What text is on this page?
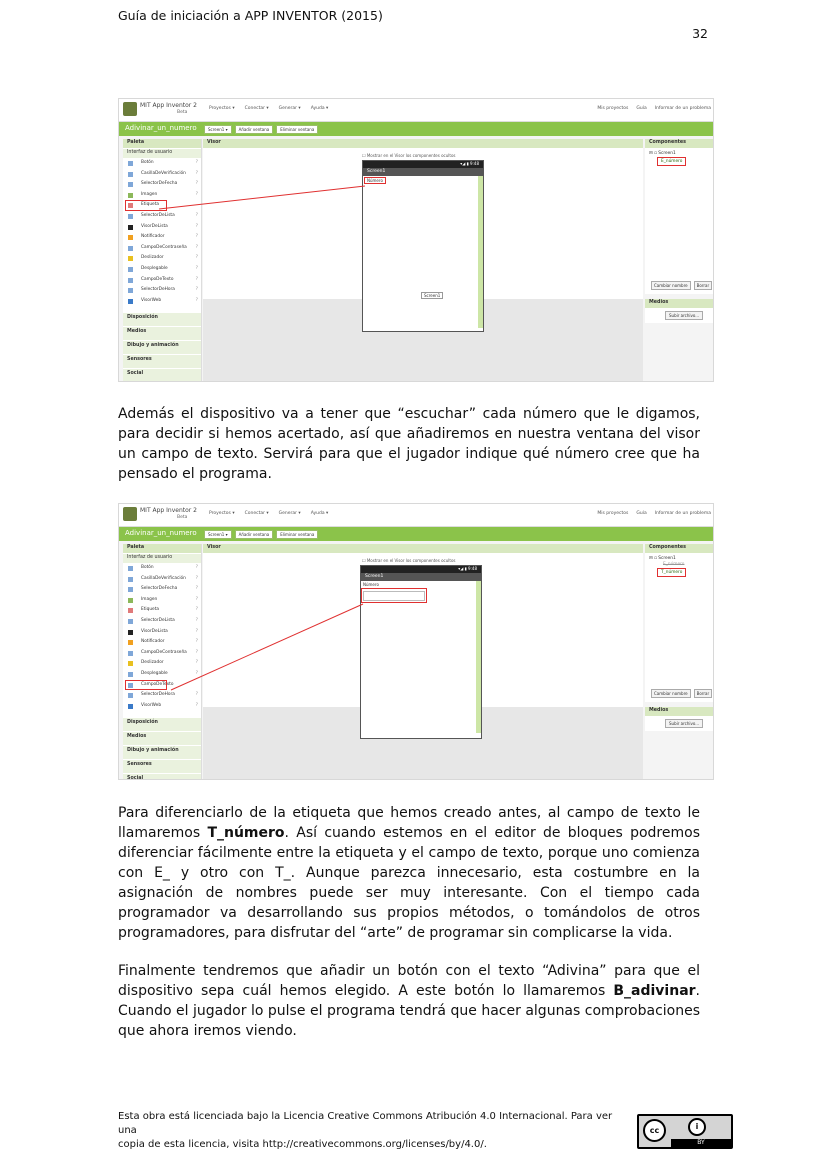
Guía de iniciación a APP INVENTOR (2015)
32
MIT App Inventor 2
Beta
Proyectos ▾ Conectar ▾ Generar ▾ Ayuda ▾	Mis proyectos Guía Informar de un problema
Adivinar_un_numero	Screen1 ▾	Añadir ventana	Eliminar ventana
Paleta
Interfaz de usuario
Botón	?
CasillaDeVerificación ?
SelectorDeFecha	?
Imagen	?
Etiqueta
SelectorDeLista	?
VisorDeLista	?
Notificador	?
CampoDeContraseña ?
Deslizador	?
Desplegable	?
CampoDeTexto	?
SelectorDeHora	?
VisorWeb	?
Disposición
Medios
Dibujo y animación
Sensores
Social
Visor
☐ Mostrar en el Visor los componentes ocultos
▾◢ ▮ 9:48
Screen1
Número
Screen1
Componentes
⊟ ▫ Screen1
E_número
Cambiar nombre	Borrar
Medios
Subir archivo...

Además el dispositivo va a tener que “escuchar” cada número que le digamos, para decidir si hemos acertado, así que añadiremos en nuestra ventana del visor un campo de texto. Servirá para que el jugador indique qué número cree que ha pensado el programa.

MIT App Inventor 2
Beta
Proyectos ▾ Conectar ▾ Generar ▾ Ayuda ▾	Mis proyectos Guía Informar de un problema
Adivinar_un_numero	Screen1 ▾	Añadir ventana	Eliminar ventana
Paleta
Interfaz de usuario
Botón	?
CasillaDeVerificación ?
SelectorDeFecha	?
Imagen	?
Etiqueta	?
SelectorDeLista	?
VisorDeLista	?
Notificador	?
CampoDeContraseña ?
Deslizador	?
Desplegable	?
CampoDeTexto
SelectorDeHora	?
VisorWeb	?
Disposición
Medios
Dibujo y animación
Sensores
Social
Visor
☐ Mostrar en el Visor los componentes ocultos
▾◢ ▮ 9:48
Screen1
Número
Componentes
⊟ ▫ Screen1
E_número
T_número
Cambiar nombre	Borrar
Medios
Subir archivo...

Para diferenciarlo de la etiqueta que hemos creado antes, al campo de texto le llamaremos T_número. Así cuando estemos en el editor de bloques podremos diferenciar fácilmente entre la etiqueta y el campo de texto, porque uno comienza con E_ y otro con T_. Aunque parezca innecesario, esta costumbre en la asignación de nombres puede ser muy interesante. Con el tiempo cada programador va desarrollando sus propios métodos, o tomándolos de otros programadores, para disfrutar del “arte” de programar sin complicarse la vida.

Finalmente tendremos que añadir un botón con el texto “Adivina” para que el dispositivo sepa cuál hemos elegido. A este botón lo llamaremos B_adivinar. Cuando el jugador lo pulse el programa tendrá que hacer algunas comprobaciones que ahora iremos viendo.

Esta obra está licenciada bajo la Licencia Creative Commons Atribución 4.0 Internacional. Para ver una
copia de esta licencia, visita http://creativecommons.org/licenses/by/4.0/.
cc	i
BY
